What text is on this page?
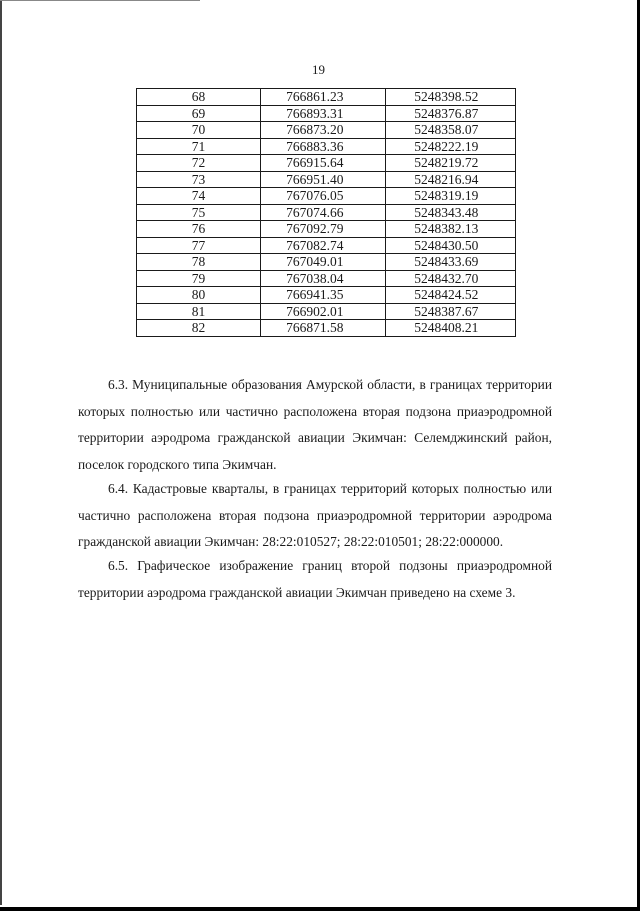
19
68	766861.23	5248398.52
69	766893.31	5248376.87
70	766873.20	5248358.07
71	766883.36	5248222.19
72	766915.64	5248219.72
73	766951.40	5248216.94
74	767076.05	5248319.19
75	767074.66	5248343.48
76	767092.79	5248382.13
77	767082.74	5248430.50
78	767049.01	5248433.69
79	767038.04	5248432.70
80	766941.35	5248424.52
81	766902.01	5248387.67
82	766871.58	5248408.21

6.3. Муниципальные образования Амурской области, в границах территории которых полностью или частично расположена вторая подзона приаэродромной территории аэродрома гражданской авиации Экимчан: Селемджинский район, поселок городского типа Экимчан.

6.4. Кадастровые кварталы, в границах территорий которых полностью или частично расположена вторая подзона приаэродромной территории аэродрома гражданской авиации Экимчан: 28:22:010527; 28:22:010501; 28:22:000000.

6.5. Графическое изображение границ второй подзоны приаэродромной территории аэродрома гражданской авиации Экимчан приведено на схеме 3.
